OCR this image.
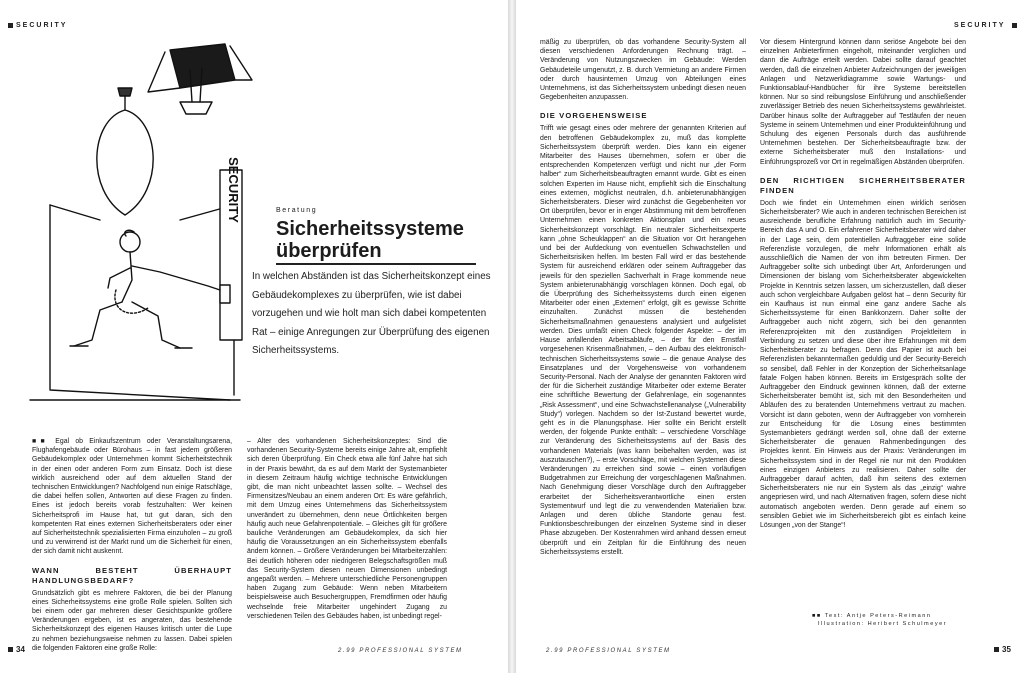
SECURITY
SECURITY	Beratung
Sicherheitssysteme
überprüfen
In welchen Abständen ist das Sicherheitskonzept eines Gebäudekomplexes zu überprüfen, wie ist dabei vorzugehen und wie holt man sich dabei kompetenten Rat – einige Anregungen zur Überprüfung des eigenen Sicherheitssystems.

■■ Egal ob Einkaufszentrum oder Veranstaltungsarena, Flughafengebäude oder Bürohaus – in fast jedem größeren Gebäudekomplex oder Unternehmen kommt Sicherheitstechnik in der einen oder anderen Form zum Einsatz. Doch ist diese wirklich ausreichend oder auf dem aktuellen Stand der technischen Entwicklungen? Nachfolgend nun einige Ratschläge, die dabei helfen sollen, Antworten auf diese Fragen zu finden. Eines ist jedoch bereits vorab festzuhalten: Wer keinen Sicherheitsprofi im Hause hat, tut gut daran, sich den kompetenten Rat eines externen Sicherheitsberaters oder einer auf Sicherheitstechnik spezialisierten Firma einzuholen – zu groß und zu verwirrend ist der Markt rund um die Sicherheit für einen, der sich damit nicht auskennt.

WANN BESTEHT ÜBERHAUPT HANDLUNGSBEDARF?

Grundsätzlich gibt es mehrere Faktoren, die bei der Planung eines Sicherheitssystems eine große Rolle spielen. Sollten sich bei einem oder gar mehreren dieser Gesichtspunkte größere Veränderungen ergeben, ist es angeraten, das bestehende Sicherheitskonzept des eigenen Hauses kritisch unter die Lupe zu nehmen beziehungsweise nehmen zu lassen. Dabei spielen die folgenden Faktoren eine große Rolle:

– Alter des vorhandenen Sicherheitskonzeptes: Sind die vorhandenen Security-Systeme bereits einige Jahre alt, empfiehlt sich deren Überprüfung. Ein Check etwa alle fünf Jahre hat sich in der Praxis bewährt, da es auf dem Markt der Systemanbieter in diesem Zeitraum häufig wichtige technische Entwicklungen gibt, die man nicht unbeachtet lassen sollte. – Wechsel des Firmensitzes/Neubau an einem anderen Ort: Es wäre gefährlich, mit dem Umzug eines Unternehmens das Sicherheitssystem unverändert zu übernehmen, denn neue Örtlichkeiten bergen häufig auch neue Gefahrenpotentiale. – Gleiches gilt für größere bauliche Veränderungen am Gebäudekomplex, da sich hier häufig die Voraussetzungen an ein Sicherheitssystem ebenfalls ändern können. – Größere Veränderungen bei Mitarbeiterzahlen: Bei deutlich höheren oder niedrigeren Belegschaftsgrößen muß das Security-System diesen neuen Dimensionen unbedingt angepaßt werden. – Mehrere unterschiedliche Personengruppen haben Zugang zum Gebäude: Wenn neben Mitarbeitern beispielsweise auch Besuchergruppen, Fremdfirmen oder häufig wechselnde freie Mitarbeiter ungehindert Zugang zu verschiedenen Teilen des Gebäudes haben, ist unbedingt regel-

34	2.99 PROFESSIONAL SYSTEM
SECURITY

mäßig zu überprüfen, ob das vorhandene Security-System all diesen verschiedenen Anforderungen Rechnung trägt. – Veränderung von Nutzungszwecken im Gebäude: Werden Gebäudeteile umgenutzt, z. B. durch Vermietung an andere Firmen oder durch hausinternen Umzug von Abteilungen eines Unternehmens, ist das Sicherheitssystem unbedingt diesen neuen Gegebenheiten anzupassen.

DIE VORGEHENSWEISE

Trifft wie gesagt eines oder mehrere der genannten Kriterien auf den betroffenen Gebäudekomplex zu, muß das komplette Sicherheitssystem überprüft werden. Dies kann ein eigener Mitarbeiter des Hauses übernehmen, sofern er über die entsprechenden Kompetenzen verfügt und nicht nur „der Form halber“ zum Sicherheitsbeauftragten ernannt wurde. Gibt es einen solchen Experten im Hause nicht, empfiehlt sich die Einschaltung eines externen, möglichst neutralen, d.h. anbieterunabhängigen Sicherheitsberaters. Dieser wird zunächst die Gegebenheiten vor Ort überprüfen, bevor er in enger Abstimmung mit dem betroffenen Unternehmen einen konkreten Aktionsplan und ein neues Sicherheitskonzept vorschlägt. Ein neutraler Sicherheitsexperte kann „ohne Scheuklappen“ an die Situation vor Ort herangehen und bei der Aufdeckung von eventuellen Schwachstellen und Sicherheitsrisiken helfen. Im besten Fall wird er das bestehende System für ausreichend erklären oder seinem Auftraggeber das jeweils für den speziellen Sachverhalt in Frage kommende neue System anbieterunabhängig vorschlagen können. Doch egal, ob die Überprüfung des Sicherheitssystems durch einen eigenen Mitarbeiter oder einen „Externen“ erfolgt, gilt es gewisse Schritte einzuhalten. Zunächst müssen die bestehenden Sicherheitsmaßnahmen genauestens analysiert und aufgelistet werden. Dies umfaßt einen Check folgender Aspekte: – der im Hause anfallenden Arbeitsabläufe, – der für den Ernstfall vorgesehenen Krisenmaßnahmen, – den Aufbau des elektronisch-technischen Sicherheitssystems sowie – die genaue Analyse des Einsatzplanes und der Vorgehensweise von vorhandenem Security-Personal. Nach der Analyse der genannten Faktoren wird der für die Sicherheit zuständige Mitarbeiter oder externe Berater eine schriftliche Bewertung der Gefahrenlage, ein sogenanntes „Risk Assessment“, und eine Schwachstellenanalyse („Vulnerability Study“) vorlegen. Nachdem so der Ist-Zustand bewertet wurde, geht es in die Planungsphase. Hier sollte ein Bericht erstellt werden, der folgende Punkte enthält: – verschiedene Vorschläge zur Veränderung des Sicherheitssystems auf der Basis des vorhandenen Materials (was kann beibehalten werden, was ist auszutauschen?), – erste Vorschläge, mit welchen Systemen diese Veränderungen zu erreichen sind sowie – einen vorläufigen Budgetrahmen zur Erreichung der vorgeschlagenen Maßnahmen. Nach Genehmigung dieser Vorschläge durch den Auftraggeber erarbeitet der Sicherheitsverantwortliche einen ersten Systementwurf und legt die zu verwendenden Materialien bzw. Anlagen und deren übliche Standorte genau fest. Funktionsbeschreibungen der einzelnen Systeme sind in dieser Phase abzugeben. Der Kostenrahmen wird anhand dessen erneut überprüft und ein Zeitplan für die Einführung des neuen Sicherheitssystems erstellt.

Vor diesem Hintergrund können dann seriöse Angebote bei den einzelnen Anbieterfirmen eingeholt, miteinander verglichen und dann die Aufträge erteilt werden. Dabei sollte darauf geachtet werden, daß die einzelnen Anbieter Aufzeichnungen der jeweiligen Anlagen und Netzwerkdiagramme sowie Wartungs- und Funktionsablauf-Handbücher für ihre Systeme bereitstellen können. Nur so sind reibungslose Einführung und anschließender zuverlässiger Betrieb des neuen Sicherheitssystems gewährleistet. Darüber hinaus sollte der Auftraggeber auf Testläufen der neuen Systeme in seinem Unternehmen und einer Produkteinführung und Schulung des eigenen Personals durch das ausführende Unternehmen bestehen. Der Sicherheitsbeauftragte bzw. der externe Sicherheitsberater muß den Installations- und Einführungsprozeß vor Ort in regelmäßigen Abständen überprüfen.

DEN RICHTIGEN SICHERHEITSBERATER FINDEN

Doch wie findet ein Unternehmen einen wirklich seriösen Sicherheitsberater? Wie auch in anderen technischen Bereichen ist ausreichende berufliche Erfahrung natürlich auch im Security-Bereich das A und O. Ein erfahrener Sicherheitsberater wird daher in der Lage sein, dem potentiellen Auftraggeber eine solide Referenzliste vorzulegen, die mehr Informationen erhält als ausschließlich die Namen der von ihm betreuten Firmen. Der Auftraggeber sollte sich unbedingt über Art, Anforderungen und Dimensionen der bislang vom Sicherheitsberater abgewickelten Projekte in Kenntnis setzen lassen, um sicherzustellen, daß dieser auch schon vergleichbare Aufgaben gelöst hat – denn Security für ein Kaufhaus ist nun einmal eine ganz andere Sache als Sicherheitssysteme für einen Bankkonzern. Daher sollte der Auftraggeber auch nicht zögern, sich bei den genannten Referenzprojekten mit den zuständigen Projektleitern in Verbindung zu setzen und diese über ihre Erfahrungen mit dem Sicherheitsberater zu befragen. Denn das Papier ist auch bei Referenzlisten bekanntermaßen geduldig und der Security-Bereich so sensibel, daß Fehler in der Konzeption der Sicherheitsanlage fatale Folgen haben können. Bereits im Erstgespräch sollte der Auftraggeber den Eindruck gewinnen können, daß der externe Sicherheitsberater bemüht ist, sich mit den Besonderheiten und Abläufen des zu beratenden Unternehmens vertraut zu machen. Vorsicht ist dann geboten, wenn der Auftraggeber von vornherein zur Entscheidung für die Lösung eines bestimmten Systemanbieters gedrängt werden soll, ohne daß der externe Sicherheitsberater die genauen Rahmenbedingungen des Projektes kennt. Ein Hinweis aus der Praxis: Veränderungen im Sicherheitssystem sind in der Regel nie nur mit den Produkten eines einzigen Anbieters zu realisieren. Daher sollte der Auftraggeber darauf achten, daß ihm seitens des externen Sicherheitsberaters nie nur ein System als das „einzig“ wahre angepriesen wird, und nach Alternativen fragen, sofern diese nicht automatisch angeboten werden. Denn gerade auf einem so sensiblen Gebiet wie im Sicherheitsbereich gibt es einfach keine Lösungen „von der Stange“!

■■ Text: Antje Peters-Reimann
Illustration: Heribert Schulmeyer
2.99 PROFESSIONAL SYSTEM	35
